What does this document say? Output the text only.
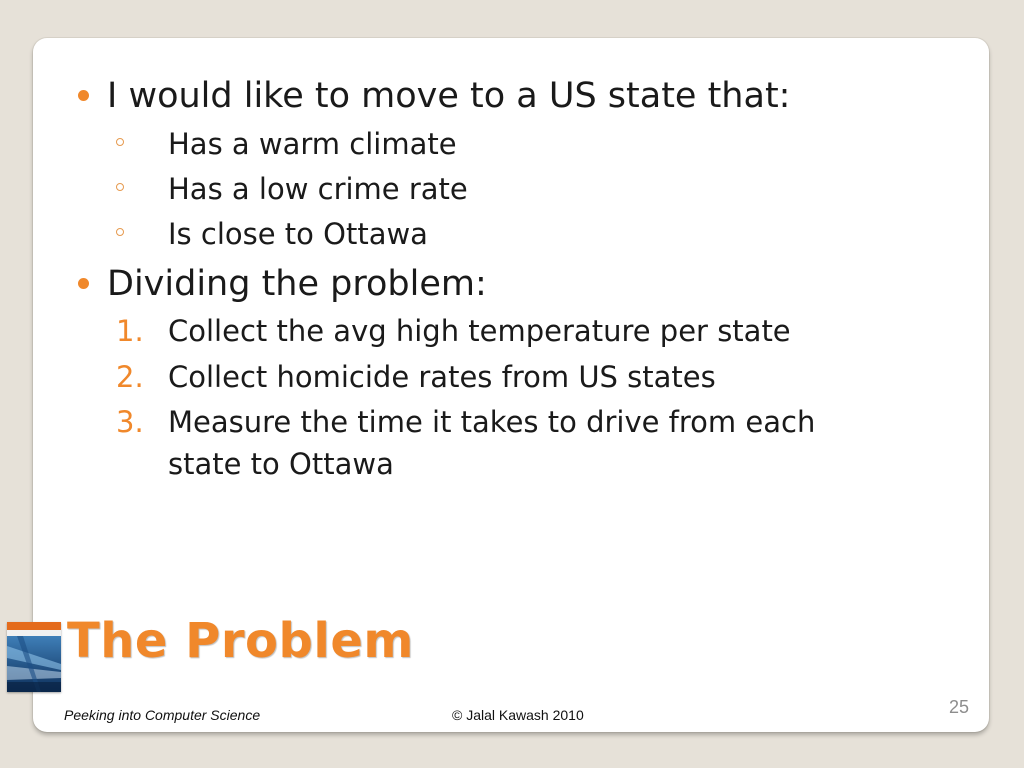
I would like to move to a US state that:
Has a warm climate
Has a low crime rate
Is close to Ottawa
Dividing the problem:
1. Collect the avg high temperature per state
2. Collect homicide rates from US states
3. Measure the time it takes to drive from each
state to Ottawa
The Problem
Peeking into Computer Science	© Jalal Kawash 2010	25
